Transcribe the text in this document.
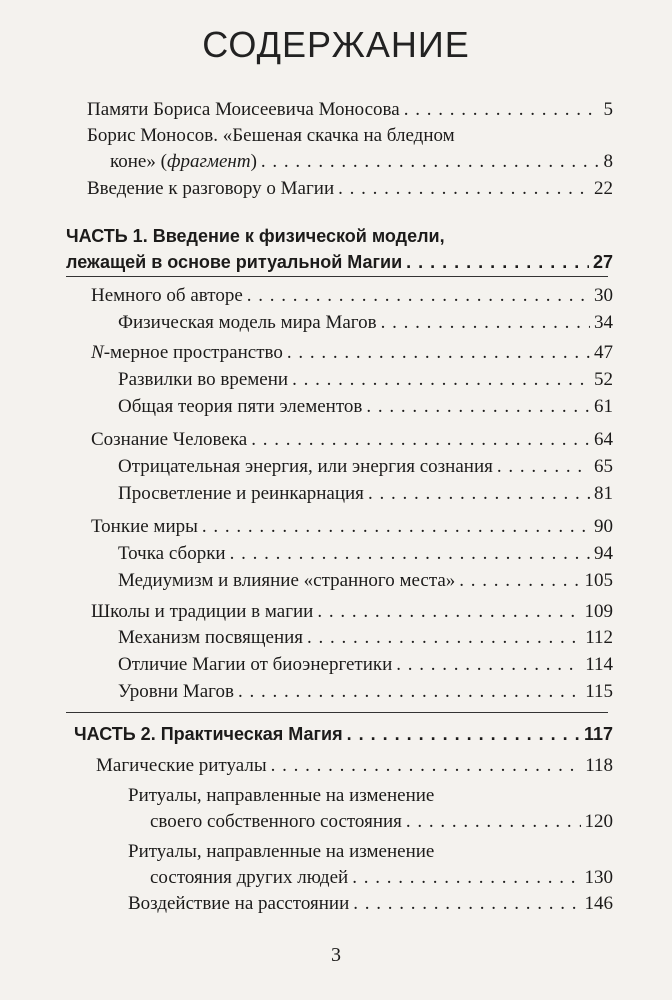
СОДЕРЖАНИЕ
Памяти Бориса Моисеевича Моносова . . .	5
Борис Моносов. «Бешеная скачка на бледном
коне» (фрагмент) . . .	8
Введение к разговору о Магии . . .	22
ЧАСТЬ 1. Введение к физической модели,
лежащей в основе ритуальной Магии . . .	27
Немного об авторе . . .	30
Физическая модель мира Магов . . .	34
N-мерное пространство . . .	47
Развилки во времени . . .	52
Общая теория пяти элементов . . .	61
Сознание Человека . . .	64
Отрицательная энергия, или энергия сознания . . .	65
Просветление и реинкарнация . . .	81
Тонкие миры . . .	90
Точка сборки . . .	94
Медиумизм и влияние «странного места» . . .	105
Школы и традиции в магии . . .	109
Механизм посвящения . . .	112
Отличие Магии от биоэнергетики . . .	114
Уровни Магов . . .	115
ЧАСТЬ 2. Практическая Магия . . .	117
Магические ритуалы . . .	118
Ритуалы, направленные на изменение
своего собственного состояния . . .	120
Ритуалы, направленные на изменение
состояния других людей . . .	130
Воздействие на расстоянии . . .	146
3
